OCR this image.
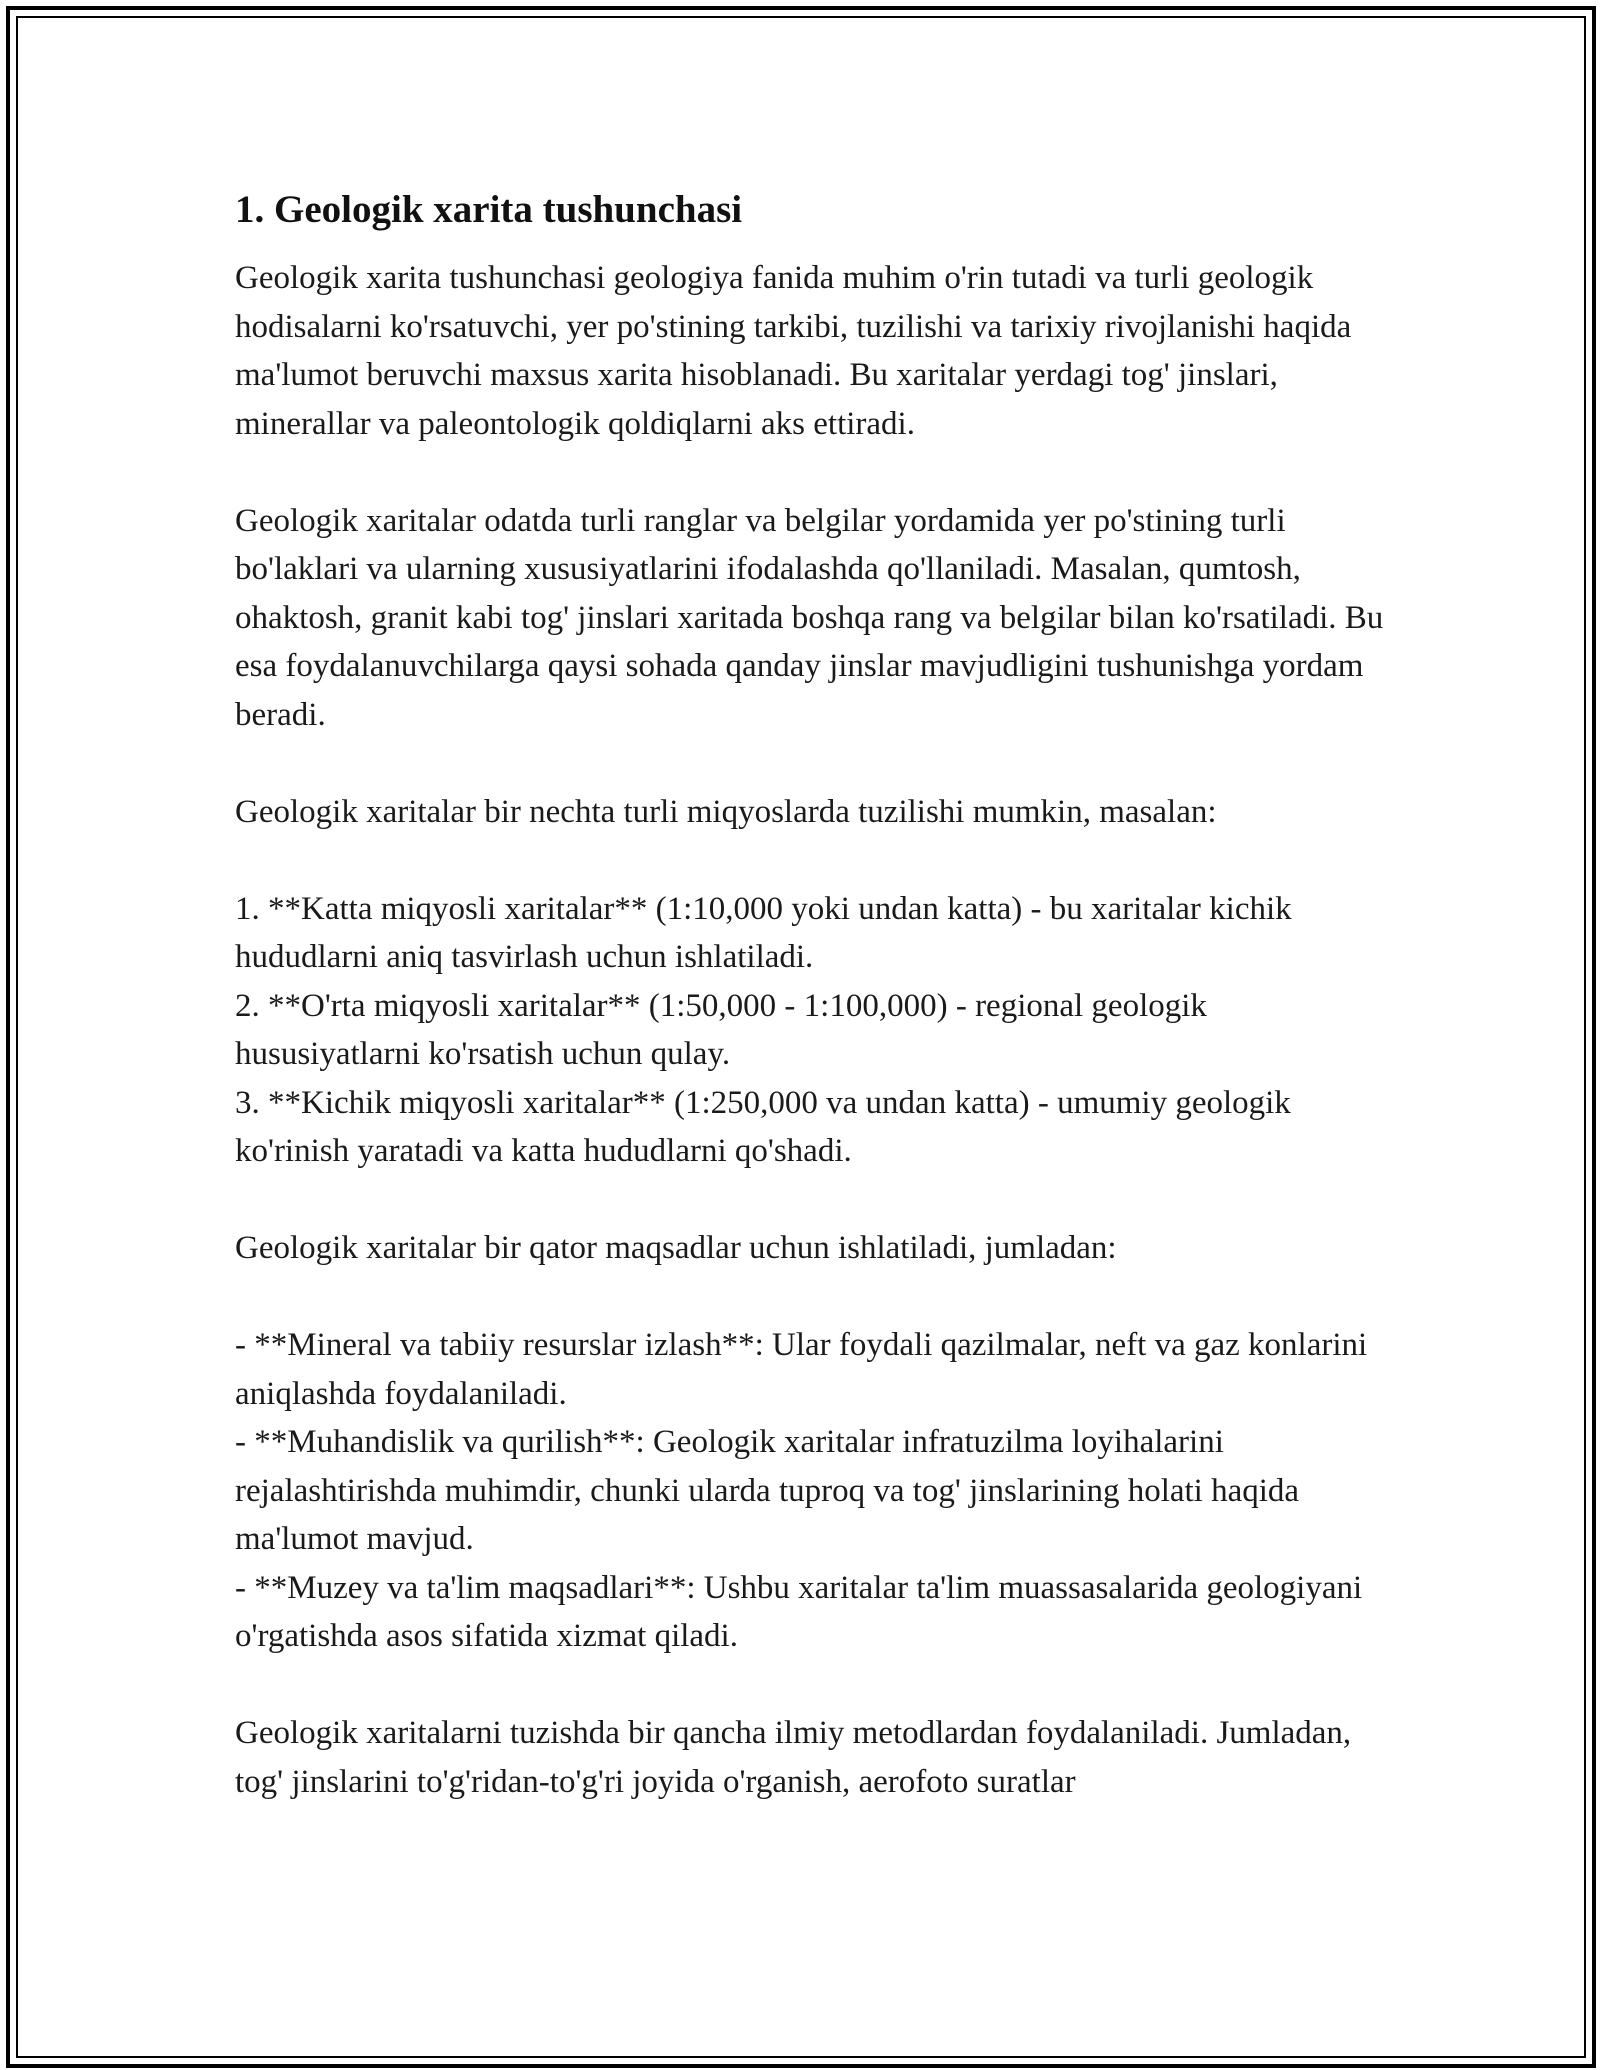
1. Geologik xarita tushunchasi

Geologik xarita tushunchasi geologiya fanida muhim o'rin tutadi va turli geologik hodisalarni ko'rsatuvchi, yer po'stining tarkibi, tuzilishi va tarixiy rivojlanishi haqida ma'lumot beruvchi maxsus xarita hisoblanadi. Bu xaritalar yerdagi tog' jinslari, minerallar va paleontologik qoldiqlarni aks ettiradi.

Geologik xaritalar odatda turli ranglar va belgilar yordamida yer po'stining turli bo'laklari va ularning xususiyatlarini ifodalashda qo'llaniladi. Masalan, qumtosh, ohaktosh, granit kabi tog' jinslari xaritada boshqa rang va belgilar bilan ko'rsatiladi. Bu esa foydalanuvchilarga qaysi sohada qanday jinslar mavjudligini tushunishga yordam beradi.

Geologik xaritalar bir nechta turli miqyoslarda tuzilishi mumkin, masalan:

1. **Katta miqyosli xaritalar** (1:10,000 yoki undan katta) - bu xaritalar kichik hududlarni aniq tasvirlash uchun ishlatiladi.

2. **O'rta miqyosli xaritalar** (1:50,000 - 1:100,000) - regional geologik hususiyatlarni ko'rsatish uchun qulay.

3. **Kichik miqyosli xaritalar** (1:250,000 va undan katta) - umumiy geologik ko'rinish yaratadi va katta hududlarni qo'shadi.

Geologik xaritalar bir qator maqsadlar uchun ishlatiladi, jumladan:

- **Mineral va tabiiy resurslar izlash**: Ular foydali qazilmalar, neft va gaz konlarini aniqlashda foydalaniladi.

- **Muhandislik va qurilish**: Geologik xaritalar infratuzilma loyihalarini rejalashtirishda muhimdir, chunki ularda tuproq va tog' jinslarining holati haqida ma'lumot mavjud.

- **Muzey va ta'lim maqsadlari**: Ushbu xaritalar ta'lim muassasalarida geologiyani o'rgatishda asos sifatida xizmat qiladi.

Geologik xaritalarni tuzishda bir qancha ilmiy metodlardan foydalaniladi. Jumladan, tog' jinslarini to'g'ridan-to'g'ri joyida o'rganish, aerofoto suratlar
